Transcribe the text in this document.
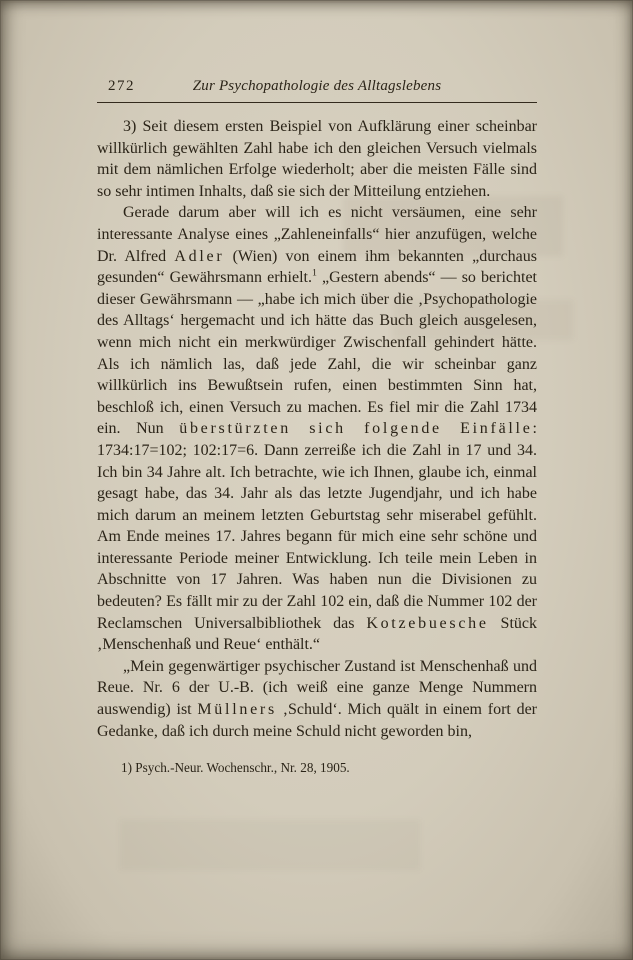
272	Zur Psychopathologie des Alltagslebens

3) Seit diesem ersten Beispiel von Aufklärung einer scheinbar willkürlich gewählten Zahl habe ich den gleichen Versuch vielmals mit dem nämlichen Erfolge wiederholt; aber die meisten Fälle sind so sehr intimen Inhalts, daß sie sich der Mitteilung entziehen.

Gerade darum aber will ich es nicht versäumen, eine sehr interessante Analyse eines „Zahleneinfalls“ hier anzufügen, welche Dr. Alfred Adler (Wien) von einem ihm bekannten „durchaus gesunden“ Gewährsmann erhielt.$^1$ „Gestern abends“ — so berichtet dieser Gewährsmann — „habe ich mich über die ‚Psychopathologie des Alltags‘ hergemacht und ich hätte das Buch gleich ausgelesen, wenn mich nicht ein merkwürdiger Zwischenfall gehindert hätte. Als ich nämlich las, daß jede Zahl, die wir scheinbar ganz willkürlich ins Bewußtsein rufen, einen bestimmten Sinn hat, beschloß ich, einen Versuch zu machen. Es fiel mir die Zahl 1734 ein. Nun überstürzten sich folgende Einfälle: 1734:17=102; 102:17=6. Dann zerreiße ich die Zahl in 17 und 34. Ich bin 34 Jahre alt. Ich betrachte, wie ich Ihnen, glaube ich, einmal gesagt habe, das 34. Jahr als das letzte Jugendjahr, und ich habe mich darum an meinem letzten Geburtstag sehr miserabel gefühlt. Am Ende meines 17. Jahres begann für mich eine sehr schöne und interessante Periode meiner Entwicklung. Ich teile mein Leben in Abschnitte von 17 Jahren. Was haben nun die Divisionen zu bedeuten? Es fällt mir zu der Zahl 102 ein, daß die Nummer 102 der Reclamschen Universalbibliothek das Kotzebuesche Stück ‚Menschenhaß und Reue‘ enthält.“

„Mein gegenwärtiger psychischer Zustand ist Menschenhaß und Reue. Nr. 6 der U.-B. (ich weiß eine ganze Menge Nummern auswendig) ist Müllners ‚Schuld‘. Mich quält in einem fort der Gedanke, daß ich durch meine Schuld nicht geworden bin,

1) Psych.-Neur. Wochenschr., Nr. 28, 1905.
